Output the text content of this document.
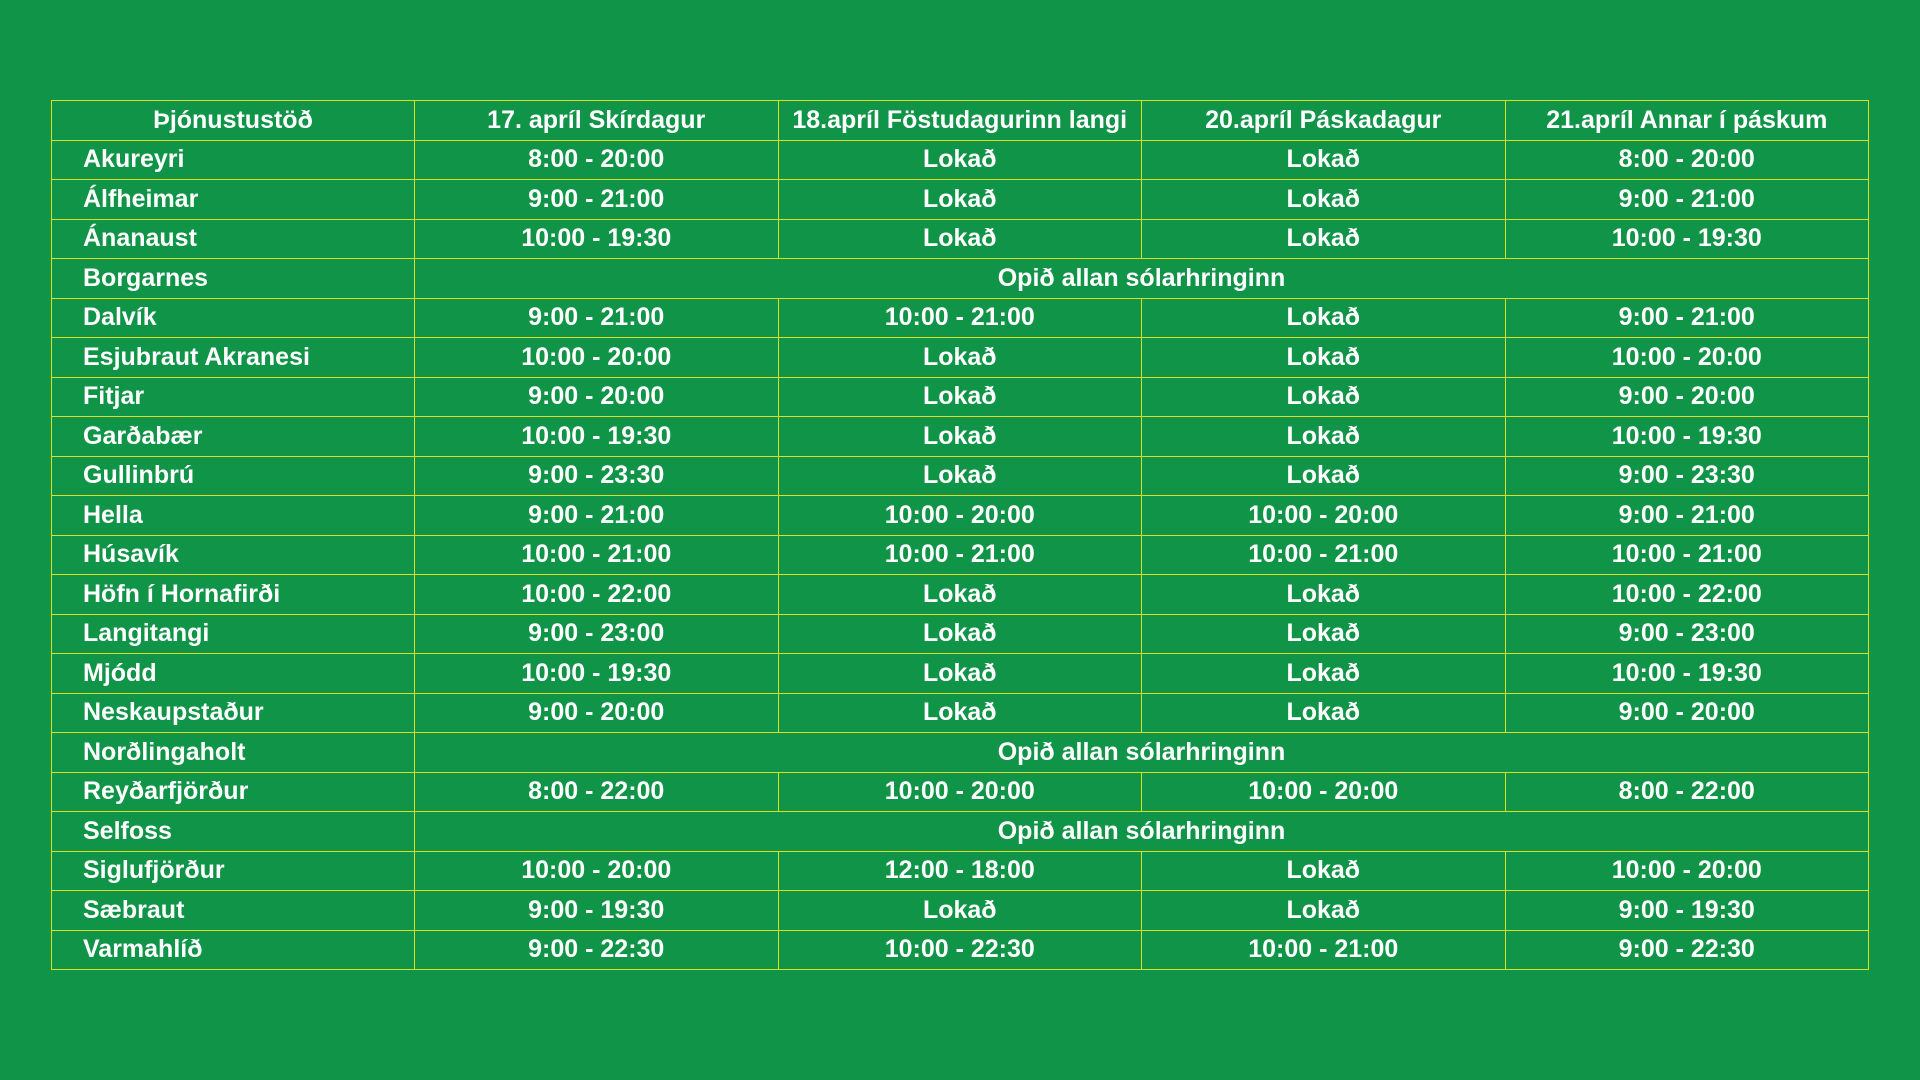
Þjónustustöð	17. apríl Skírdagur	18.apríl Föstudagurinn langi	20.apríl Páskadagur	21.apríl Annar í páskum
Akureyri	8:00 - 20:00	Lokað	Lokað	8:00 - 20:00
Álfheimar	9:00 - 21:00	Lokað	Lokað	9:00 - 21:00
Ánanaust	10:00 - 19:30	Lokað	Lokað	10:00 - 19:30
Borgarnes	Opið allan sólarhringinn			
Dalvík	9:00 - 21:00	10:00 - 21:00	Lokað	9:00 - 21:00
Esjubraut Akranesi	10:00 - 20:00	Lokað	Lokað	10:00 - 20:00
Fitjar	9:00 - 20:00	Lokað	Lokað	9:00 - 20:00
Garðabær	10:00 - 19:30	Lokað	Lokað	10:00 - 19:30
Gullinbrú	9:00 - 23:30	Lokað	Lokað	9:00 - 23:30
Hella	9:00 - 21:00	10:00 - 20:00	10:00 - 20:00	9:00 - 21:00
Húsavík	10:00 - 21:00	10:00 - 21:00	10:00 - 21:00	10:00 - 21:00
Höfn í Hornafirði	10:00 - 22:00	Lokað	Lokað	10:00 - 22:00
Langitangi	9:00 - 23:00	Lokað	Lokað	9:00 - 23:00
Mjódd	10:00 - 19:30	Lokað	Lokað	10:00 - 19:30
Neskaupstaður	9:00 - 20:00	Lokað	Lokað	9:00 - 20:00
Norðlingaholt	Opið allan sólarhringinn			
Reyðarfjörður	8:00 - 22:00	10:00 - 20:00	10:00 - 20:00	8:00 - 22:00
Selfoss	Opið allan sólarhringinn			
Siglufjörður	10:00 - 20:00	12:00 - 18:00	Lokað	10:00 - 20:00
Sæbraut	9:00 - 19:30	Lokað	Lokað	9:00 - 19:30
Varmahlíð	9:00 - 22:30	10:00 - 22:30	10:00 - 21:00	9:00 - 22:30
